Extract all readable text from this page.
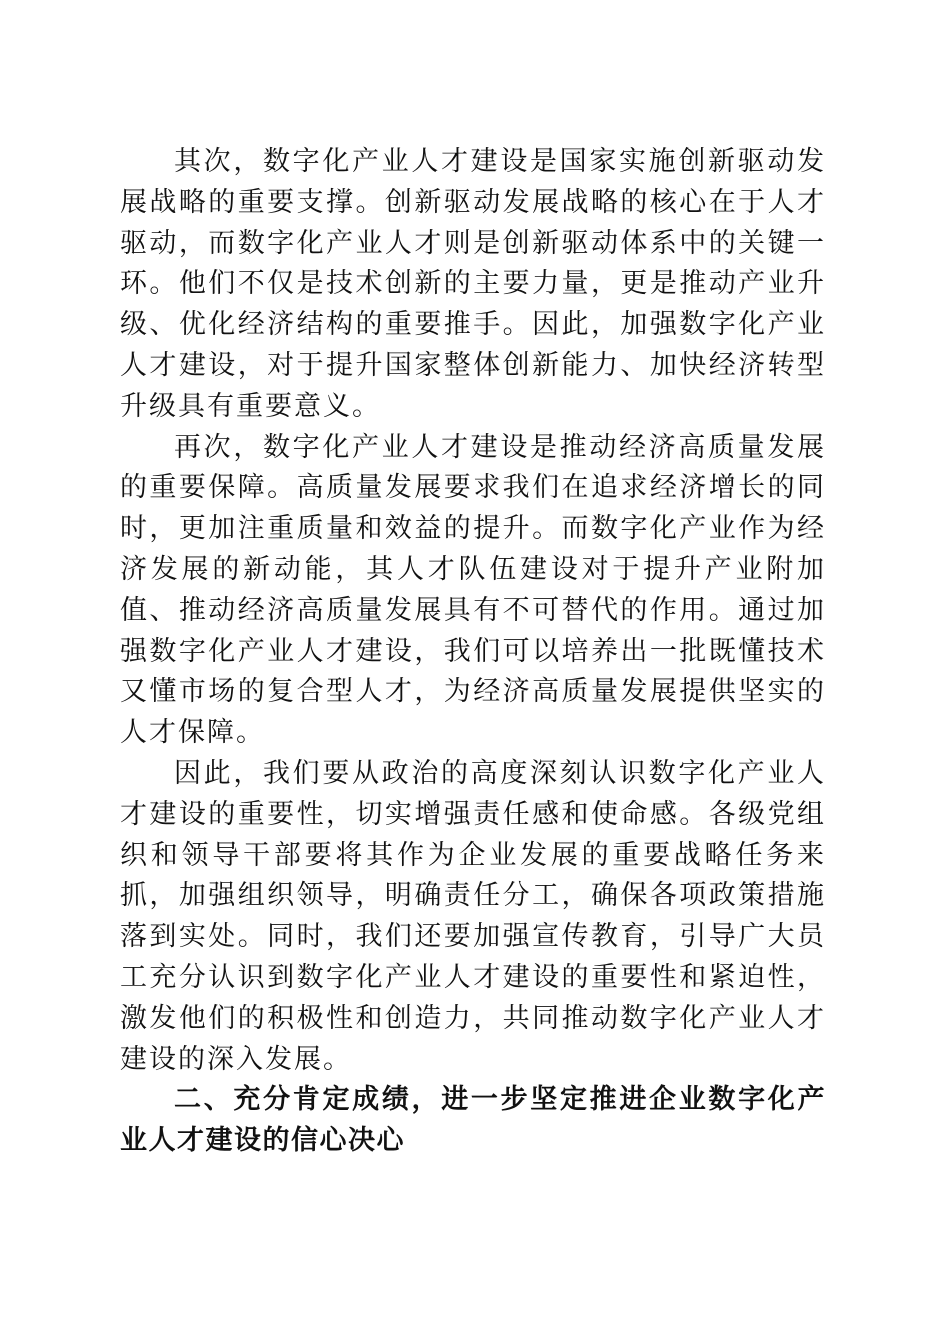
其次，数字化产业人才建设是国家实施创新驱动发展战略的重要支撑。创新驱动发展战略的核心在于人才驱动，而数字化产业人才则是创新驱动体系中的关键一环。他们不仅是技术创新的主要力量，更是推动产业升级、优化经济结构的重要推手。因此，加强数字化产业人才建设，对于提升国家整体创新能力、加快经济转型升级具有重要意义。

再次，数字化产业人才建设是推动经济高质量发展的重要保障。高质量发展要求我们在追求经济增长的同时，更加注重质量和效益的提升。而数字化产业作为经济发展的新动能，其人才队伍建设对于提升产业附加值、推动经济高质量发展具有不可替代的作用。通过加强数字化产业人才建设，我们可以培养出一批既懂技术又懂市场的复合型人才，为经济高质量发展提供坚实的人才保障。

因此，我们要从政治的高度深刻认识数字化产业人才建设的重要性，切实增强责任感和使命感。各级党组织和领导干部要将其作为企业发展的重要战略任务来抓，加强组织领导，明确责任分工，确保各项政策措施落到实处。同时，我们还要加强宣传教育，引导广大员工充分认识到数字化产业人才建设的重要性和紧迫性，激发他们的积极性和创造力，共同推动数字化产业人才建设的深入发展。

二、充分肯定成绩，进一步坚定推进企业数字化产业人才建设的信心决心
